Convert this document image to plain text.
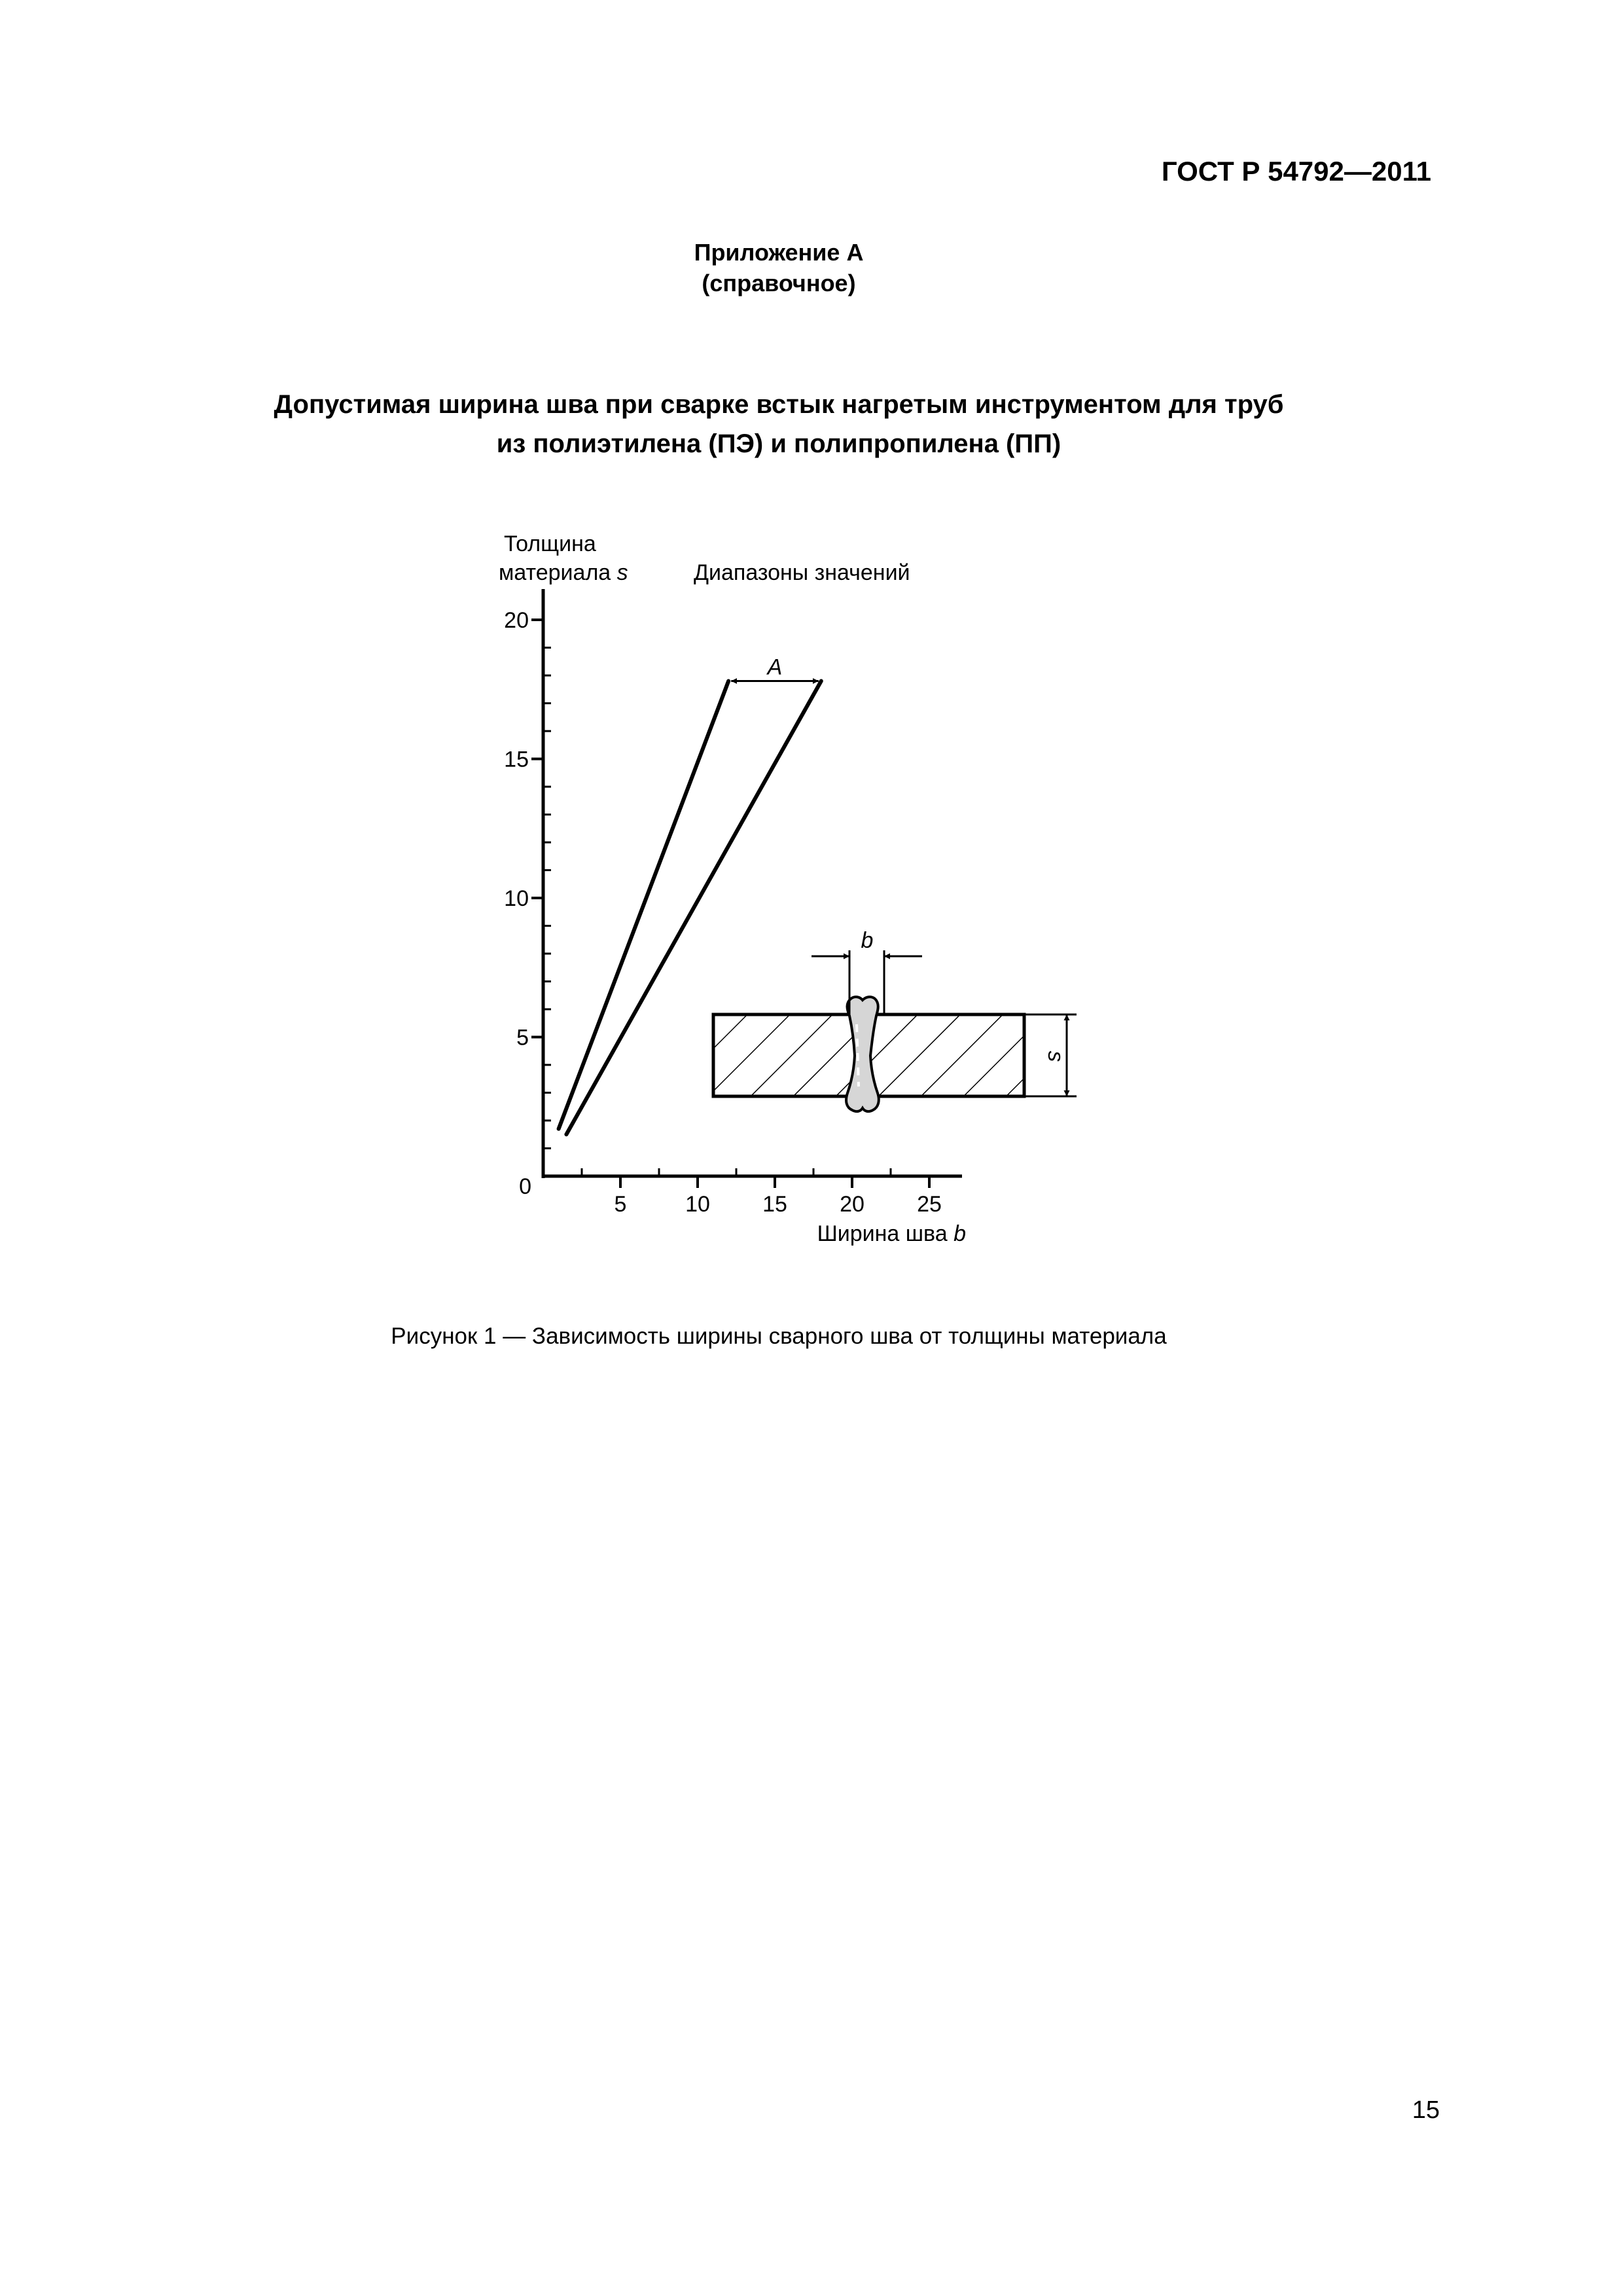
ГОСТ Р 54792—2011
Приложение А
(справочное)
Допустимая ширина шва при сварке встык нагретым инструментом для труб
из полиэтилена (ПЭ) и полипропилена (ПП)
Толщина
материала s	Диапазоны значений
5
10
15
20
5	10 15 20 25
0
Ширина шва b
A
b
s
Рисунок 1 — Зависимость ширины сварного шва от толщины материала
15
